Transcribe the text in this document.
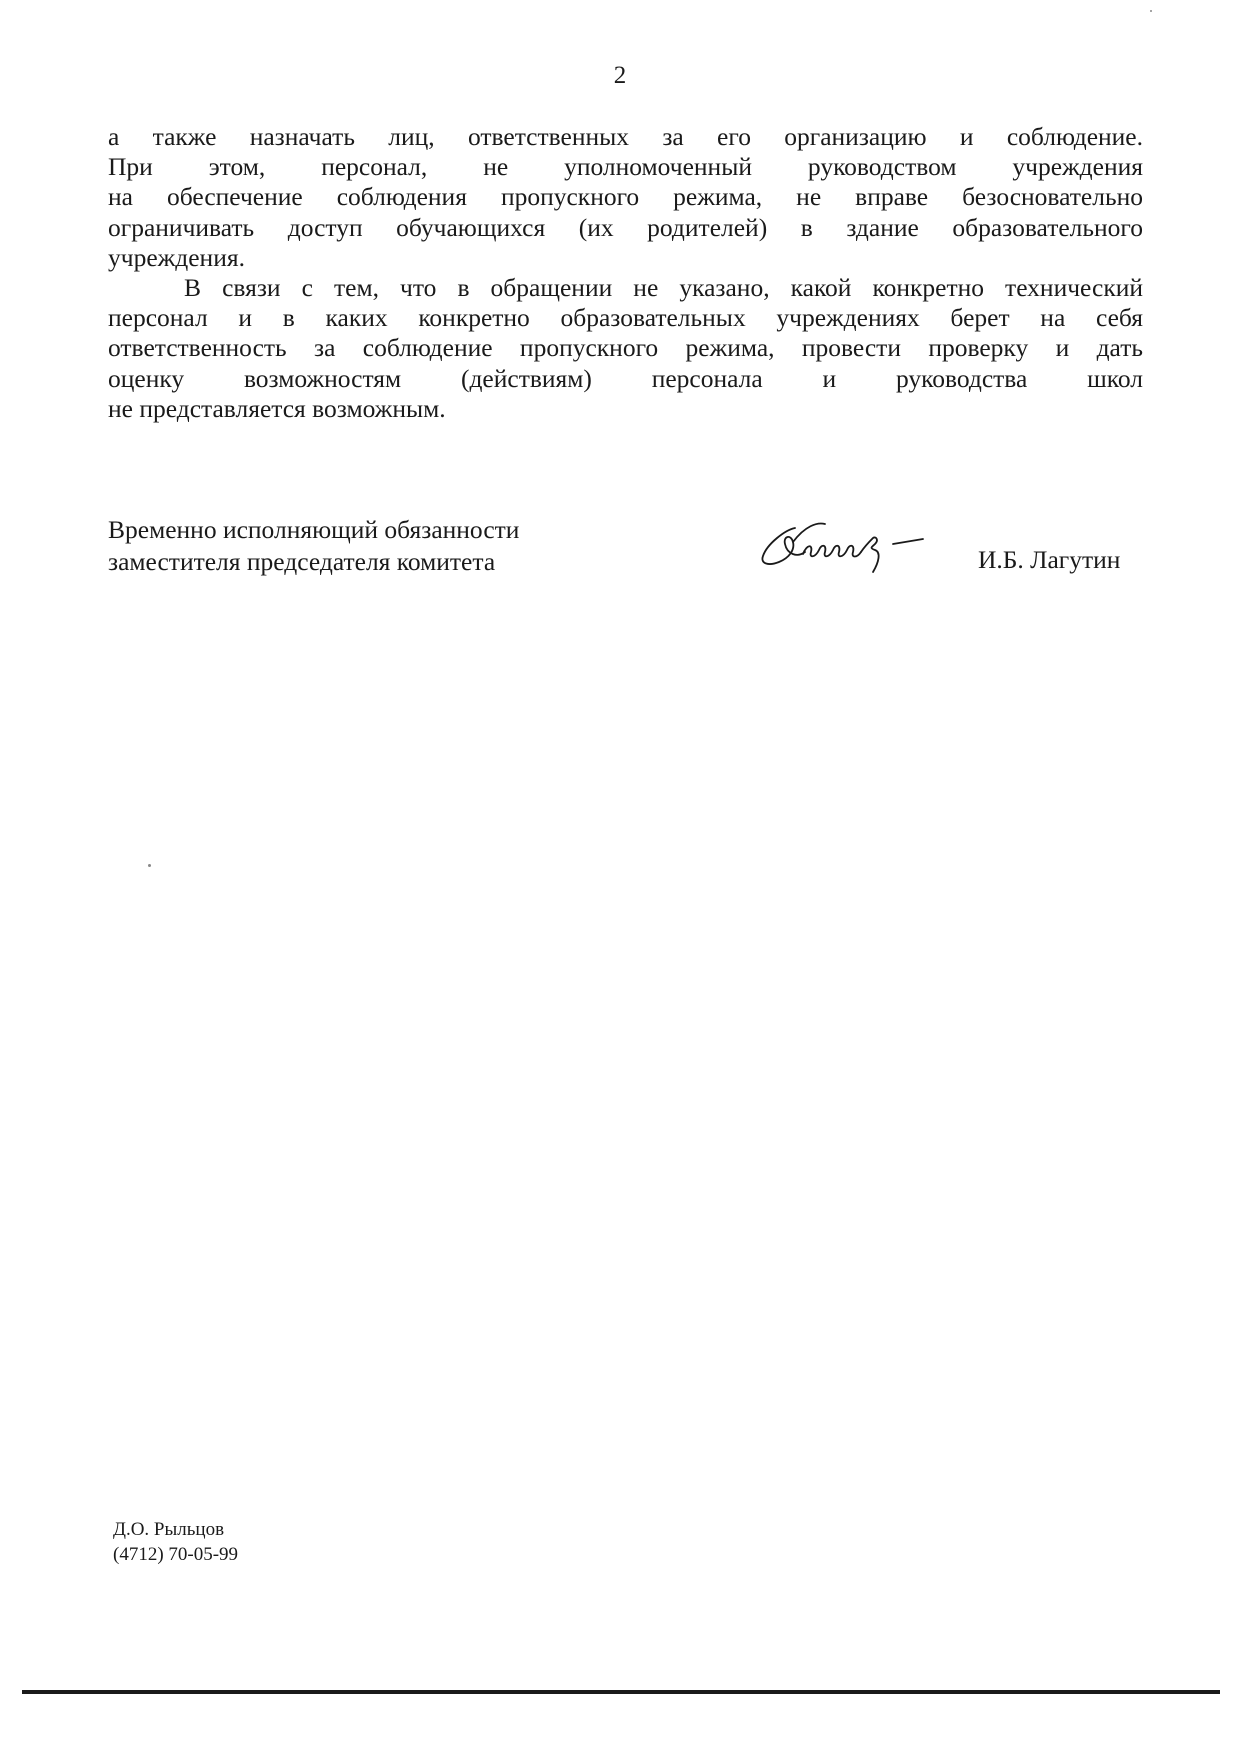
2
а также назначать лиц, ответственных за его организацию и соблюдение.
При этом, персонал, не уполномоченный руководством учреждения
на обеспечение соблюдения пропускного режима, не вправе безосновательно
ограничивать доступ обучающихся (их родителей) в здание образовательного
учреждения.
В связи с тем, что в обращении не указано, какой конкретно технический
персонал и в каких конкретно образовательных учреждениях берет на себя
ответственность за соблюдение пропускного режима, провести проверку и дать
оценку возможностям (действиям) персонала и руководства школ
не представляется возможным.
Временно исполняющий обязанности
заместителя председателя комитета	И.Б. Лагутин
Д.О. Рыльцов
(4712) 70-05-99
